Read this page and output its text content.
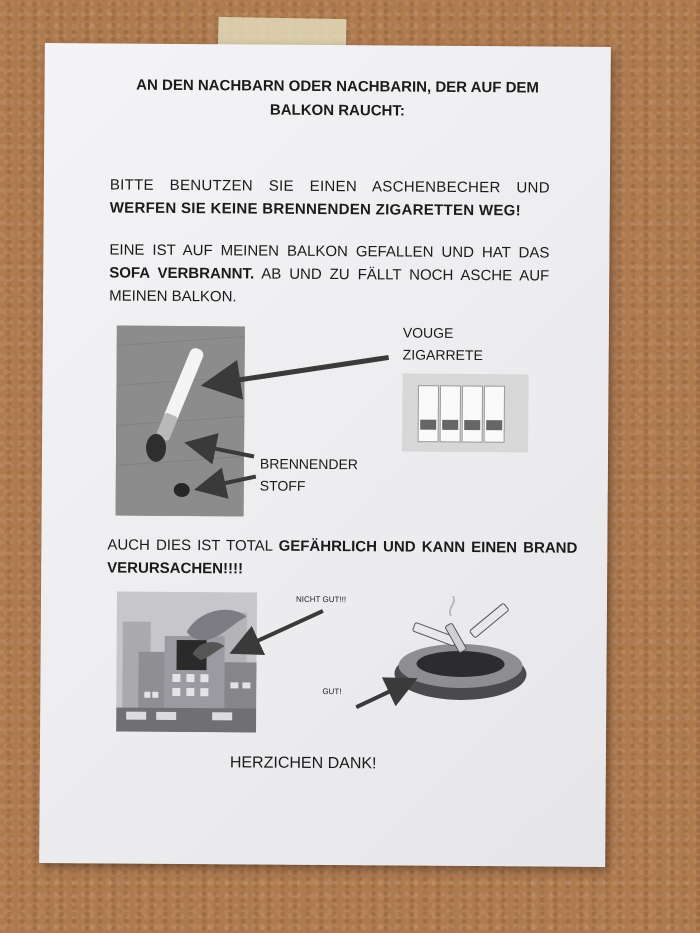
AN DEN NACHBARN ODER NACHBARIN, DER AUF DEM
BALKON RAUCHT:

BITTE BENUTZEN SIE EINEN ASCHENBECHER UND WERFEN SIE KEINE BRENNENDEN ZIGARETTEN WEG!

EINE IST AUF MEINEN BALKON GEFALLEN UND HAT DAS SOFA VERBRANNT. AB UND ZU FÄLLT NOCH ASCHE AUF MEINEN BALKON.

VOUGE
ZIGARRETE
BRENNENDER
STOFF

AUCH DIES IST TOTAL GEFÄHRLICH UND KANN EINEN BRAND VERURSACHEN!!!!

NICHT GUT!!!
GUT!

HERZICHEN DANK!
